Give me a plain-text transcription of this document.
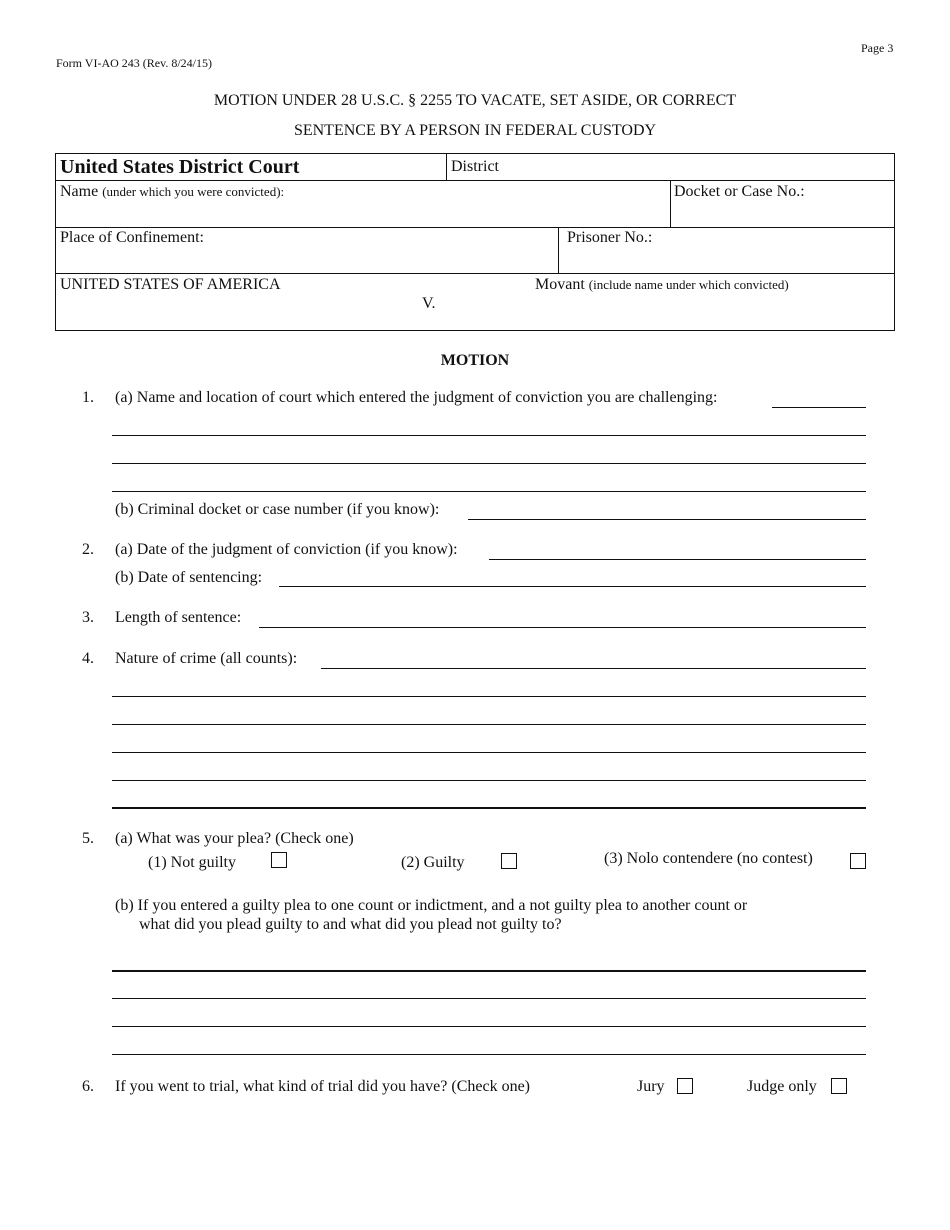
Page 3
Form VI-AO 243 (Rev. 8/24/15)
MOTION UNDER 28 U.S.C. § 2255 TO VACATE, SET ASIDE, OR CORRECT
SENTENCE BY A PERSON IN FEDERAL CUSTODY
United States District Court	District
Name (under which you were convicted):	Docket or Case No.:
Place of Confinement:	Prisoner No.:
UNITED STATES OF AMERICA
V.
Movant (include name under which convicted)
MOTION
1. (a) Name and location of court which entered the judgment of conviction you are challenging:
(b) Criminal docket or case number (if you know):
2. (a) Date of the judgment of conviction (if you know):
(b) Date of sentencing:
3. Length of sentence:
4. Nature of crime (all counts):
5. (a) What was your plea? (Check one)
(1) Not guilty	(2) Guilty	(3) Nolo contendere (no contest)
(b) If you entered a guilty plea to one count or indictment, and a not guilty plea to another count or
what did you plead guilty to and what did you plead not guilty to?
6. If you went to trial, what kind of trial did you have? (Check one)	Jury	Judge only
